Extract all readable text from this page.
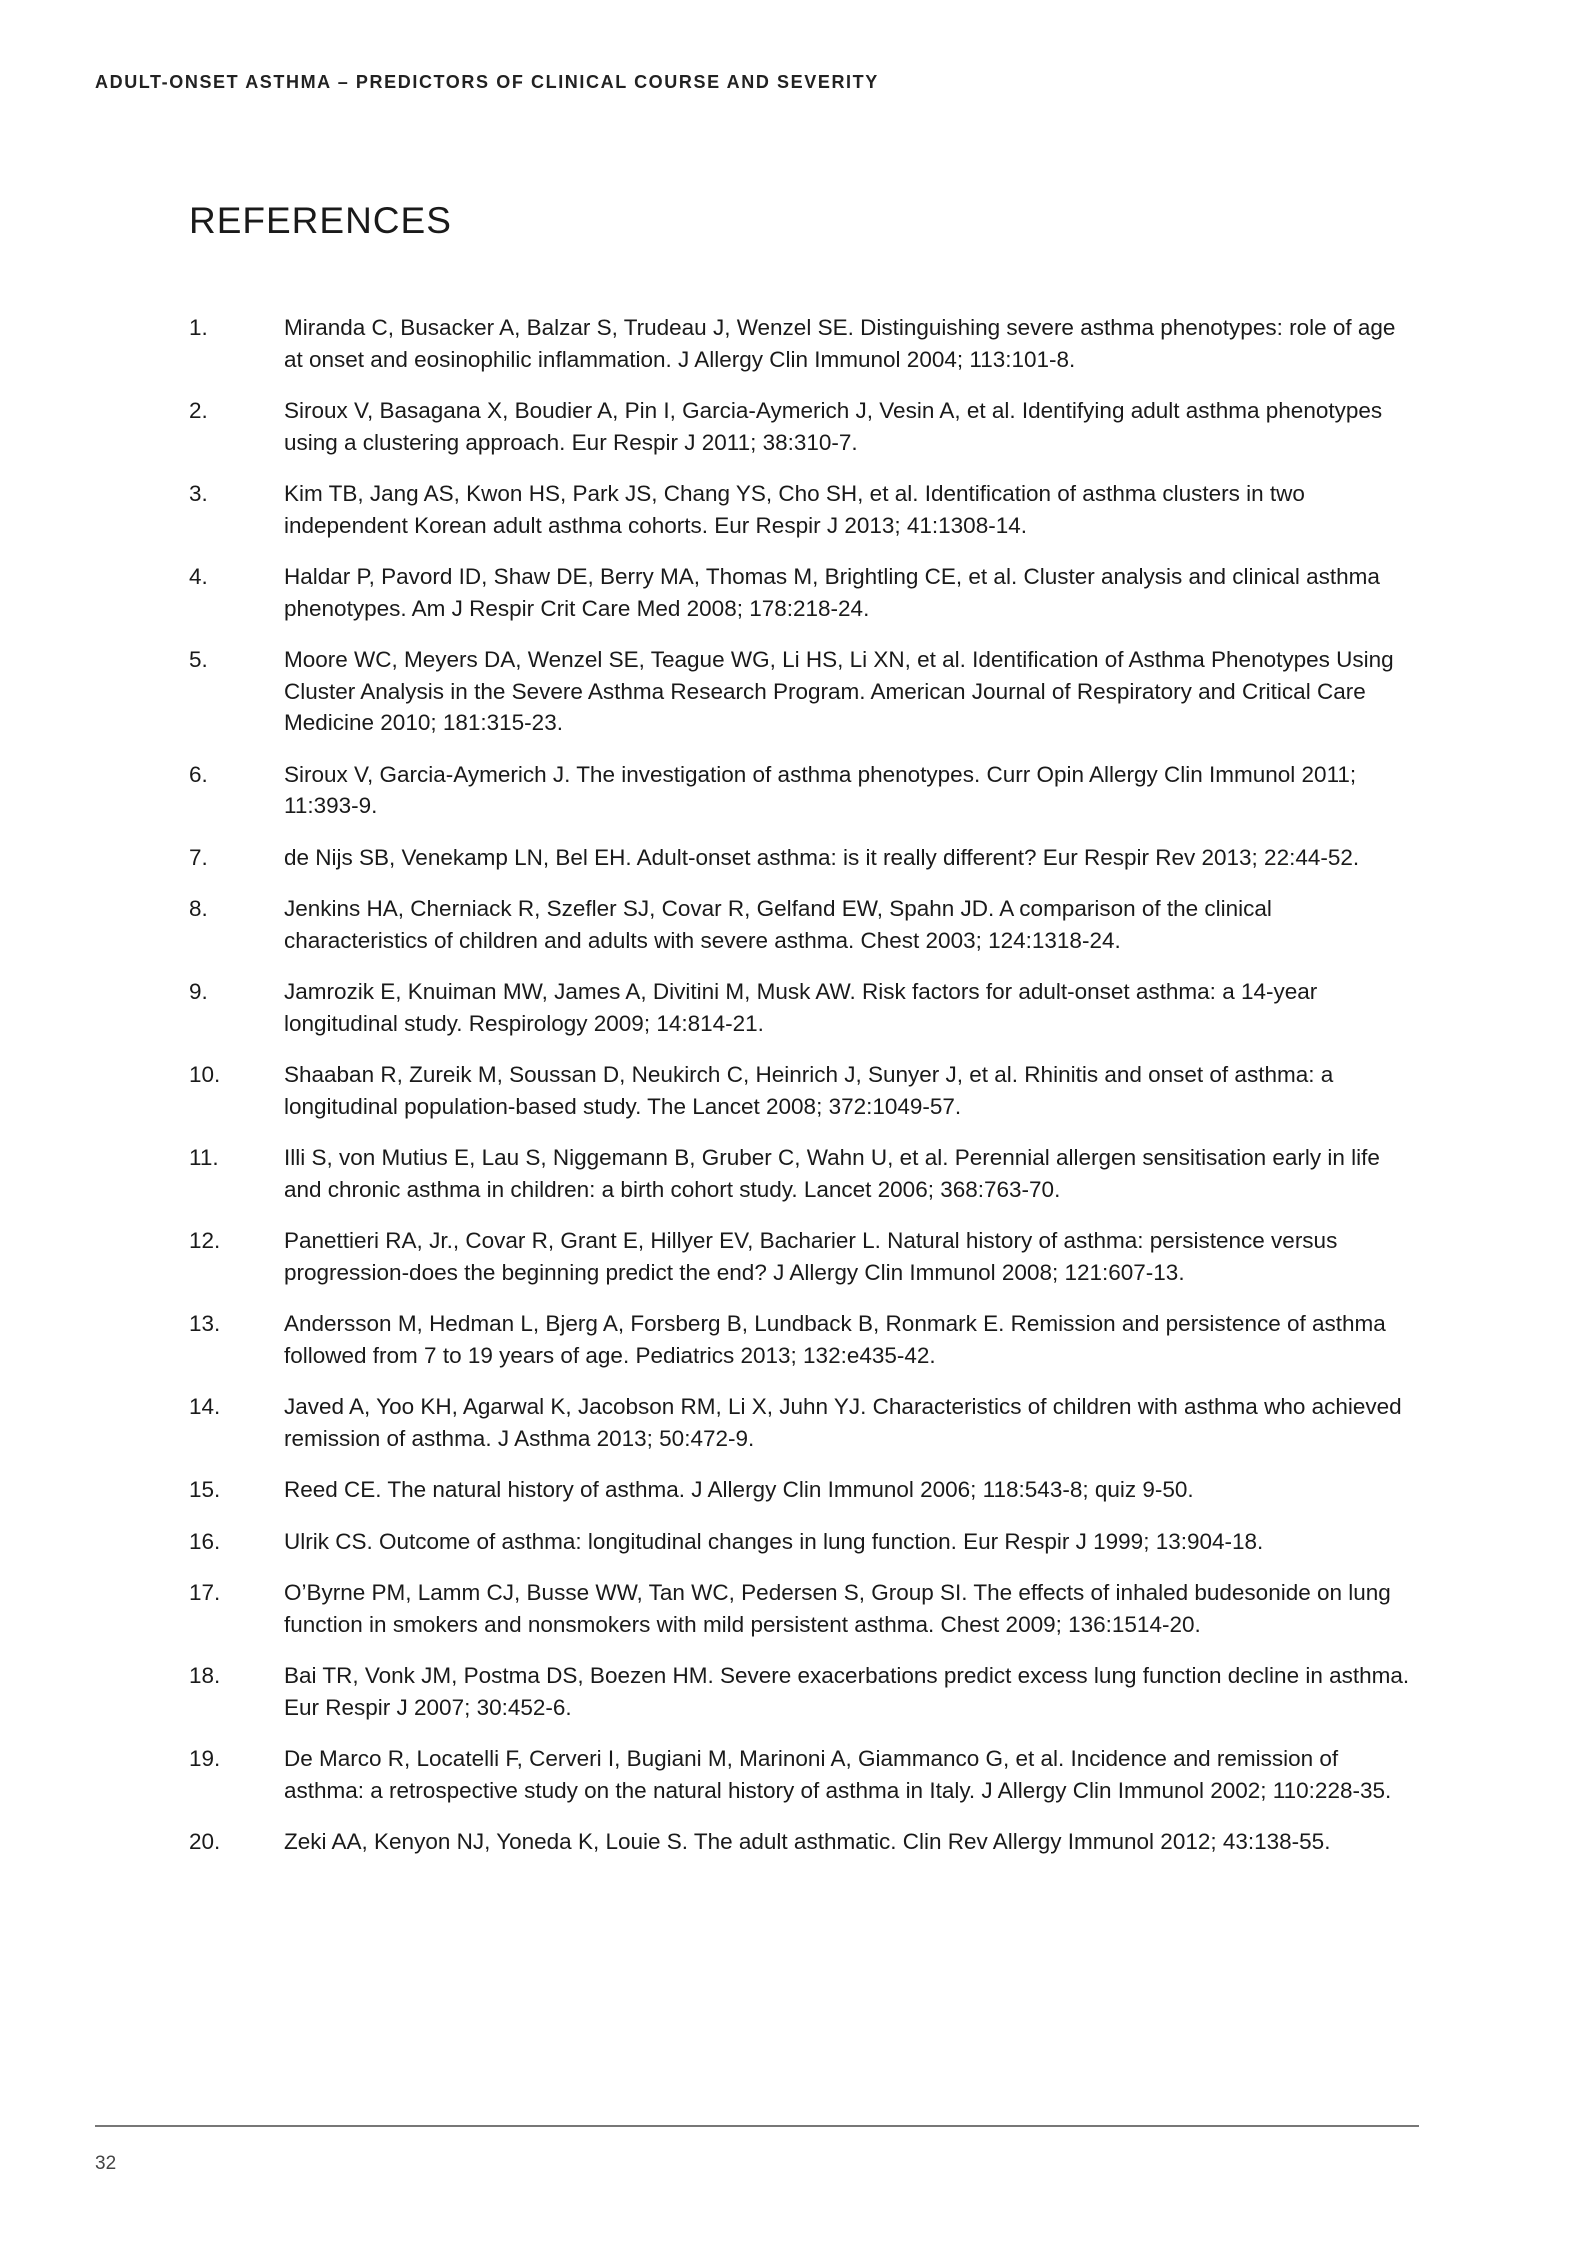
ADULT-ONSET ASTHMA – PREDICTORS OF CLINICAL COURSE AND SEVERITY
REFERENCES
1.	Miranda C, Busacker A, Balzar S, Trudeau J, Wenzel SE. Distinguishing severe asthma phenotypes: role of age at onset and eosinophilic inflammation. J Allergy Clin Immunol 2004; 113:101-8.
2.	Siroux V, Basagana X, Boudier A, Pin I, Garcia-Aymerich J, Vesin A, et al. Identifying adult asthma phenotypes using a clustering approach. Eur Respir J 2011; 38:310-7.
3.	Kim TB, Jang AS, Kwon HS, Park JS, Chang YS, Cho SH, et al. Identification of asthma clusters in two independent Korean adult asthma cohorts. Eur Respir J 2013; 41:1308-14.
4.	Haldar P, Pavord ID, Shaw DE, Berry MA, Thomas M, Brightling CE, et al. Cluster analysis and clinical asthma phenotypes. Am J Respir Crit Care Med 2008; 178:218-24.
5.	Moore WC, Meyers DA, Wenzel SE, Teague WG, Li HS, Li XN, et al. Identification of Asthma Phenotypes Using Cluster Analysis in the Severe Asthma Research Program. American Journal of Respiratory and Critical Care Medicine 2010; 181:315-23.
6.	Siroux V, Garcia-Aymerich J. The investigation of asthma phenotypes. Curr Opin Allergy Clin Immunol 2011; 11:393-9.
7.	de Nijs SB, Venekamp LN, Bel EH. Adult-onset asthma: is it really different? Eur Respir Rev 2013; 22:44-52.
8.	Jenkins HA, Cherniack R, Szefler SJ, Covar R, Gelfand EW, Spahn JD. A comparison of the clinical characteristics of children and adults with severe asthma. Chest 2003; 124:1318-24.
9.	Jamrozik E, Knuiman MW, James A, Divitini M, Musk AW. Risk factors for adult-onset asthma: a 14-year longitudinal study. Respirology 2009; 14:814-21.
10.	Shaaban R, Zureik M, Soussan D, Neukirch C, Heinrich J, Sunyer J, et al. Rhinitis and onset of asthma: a longitudinal population-based study. The Lancet 2008; 372:1049-57.
11.	Illi S, von Mutius E, Lau S, Niggemann B, Gruber C, Wahn U, et al. Perennial allergen sensitisation early in life and chronic asthma in children: a birth cohort study. Lancet 2006; 368:763-70.
12.	Panettieri RA, Jr., Covar R, Grant E, Hillyer EV, Bacharier L. Natural history of asthma: persistence versus progression-does the beginning predict the end? J Allergy Clin Immunol 2008; 121:607-13.
13.	Andersson M, Hedman L, Bjerg A, Forsberg B, Lundback B, Ronmark E. Remission and persistence of asthma followed from 7 to 19 years of age. Pediatrics 2013; 132:e435-42.
14.	Javed A, Yoo KH, Agarwal K, Jacobson RM, Li X, Juhn YJ. Characteristics of children with asthma who achieved remission of asthma. J Asthma 2013; 50:472-9.
15.	Reed CE. The natural history of asthma. J Allergy Clin Immunol 2006; 118:543-8; quiz 9-50.
16.	Ulrik CS. Outcome of asthma: longitudinal changes in lung function. Eur Respir J 1999; 13:904-18.
17.	O’Byrne PM, Lamm CJ, Busse WW, Tan WC, Pedersen S, Group SI. The effects of inhaled budesonide on lung function in smokers and nonsmokers with mild persistent asthma. Chest 2009; 136:1514-20.
18.	Bai TR, Vonk JM, Postma DS, Boezen HM. Severe exacerbations predict excess lung function decline in asthma. Eur Respir J 2007; 30:452-6.
19.	De Marco R, Locatelli F, Cerveri I, Bugiani M, Marinoni A, Giammanco G, et al. Incidence and remission of asthma: a retrospective study on the natural history of asthma in Italy. J Allergy Clin Immunol 2002; 110:228-35.
20.	Zeki AA, Kenyon NJ, Yoneda K, Louie S. The adult asthmatic. Clin Rev Allergy Immunol 2012; 43:138-55.
32
